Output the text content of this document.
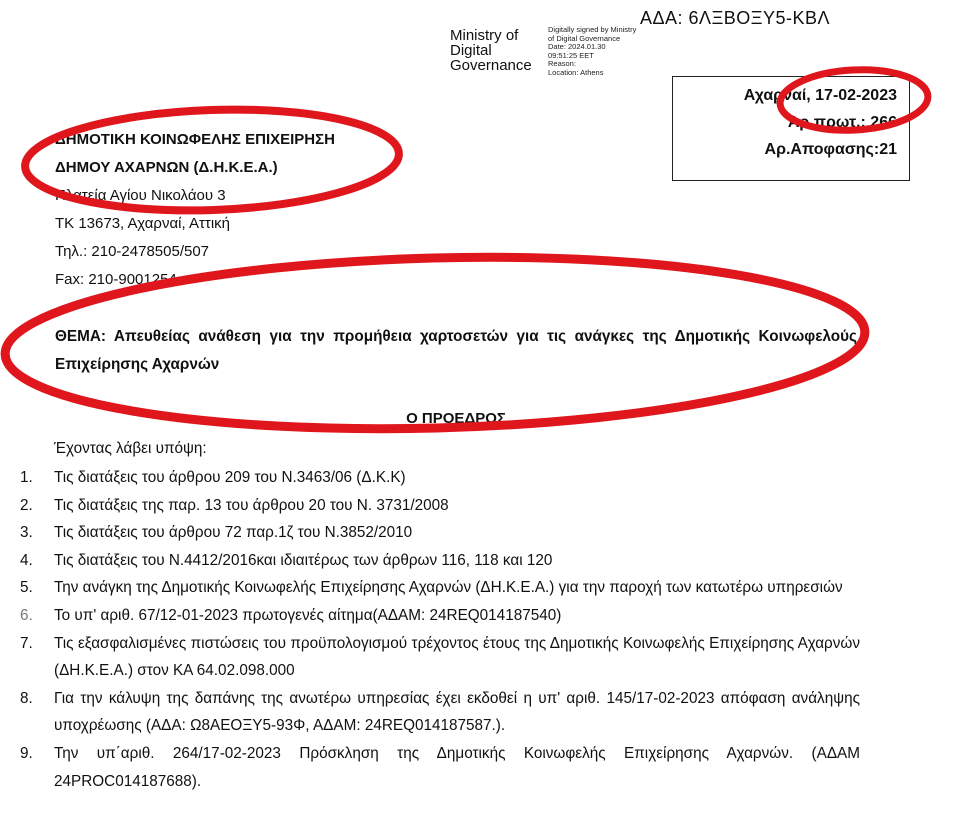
ΑΔΑ: 6ΛΞΒΟΞΥ5-ΚΒΛ
Ministry of
Digital
Governance
Digitally signed by Ministry
of Digital Governance
Date: 2024.01.30
09:51:25 EET
Reason:
Location: Athens
Αχαρναί, 17-02-2023
Αρ.πρωτ.: 266
Αρ.Αποφασης:21
ΔΗΜΟΤΙΚΗ ΚΟΙΝΩΦΕΛΗΣ ΕΠΙΧΕΙΡΗΣΗ
ΔΗΜΟΥ ΑΧΑΡΝΩΝ (Δ.Η.Κ.Ε.Α.)
Πλατεία Αγίου Νικολάου 3
ΤΚ 13673, Αχαρναί, Αττική
Τηλ.: 210-2478505/507
Fax: 210-9001254
ΘΕΜΑ: Απευθείας ανάθεση για την προμήθεια χαρτοσετών για τις ανάγκες της Δημοτικής Κοινωφελούς Επιχείρησης Αχαρνών
Ο ΠΡΟΕΔΡΟΣ
Έχοντας λάβει υπόψη:
1.	Τις διατάξεις του άρθρου 209 του Ν.3463/06 (Δ.Κ.Κ)
2.	Τις διατάξεις της παρ. 13 του άρθρου 20 του Ν. 3731/2008
3.	Τις διατάξεις του άρθρου 72 παρ.1ζ του Ν.3852/2010
4.	Τις διατάξεις του Ν.4412/2016και ιδιαιτέρως των άρθρων 116, 118 και 120
5.	Την ανάγκη της Δημοτικής Κοινωφελής Επιχείρησης Αχαρνών (ΔΗ.Κ.Ε.Α.) για την παροχή των κατωτέρω υπηρεσιών
6.	Το υπ' αριθ. 67/12-01-2023 πρωτογενές αίτημα(ΑΔΑΜ: 24REQ014187540)
7.	Τις εξασφαλισμένες πιστώσεις του προϋπολογισμού τρέχοντος έτους της Δημοτικής Κοινωφελής Επιχείρησης Αχαρνών (ΔΗ.Κ.Ε.Α.) στον ΚΑ 64.02.098.000
8.	Για την κάλυψη της δαπάνης της ανωτέρω υπηρεσίας έχει εκδοθεί η υπ' αριθ. 145/17-02-2023 απόφαση ανάληψης υποχρέωσης (ΑΔΑ: Ω8ΑΕΟΞΥ5-93Φ, ΑΔΑΜ: 24REQ014187587.).
9.	Την υπ΄αριθ. 264/17-02-2023 Πρόσκληση της Δημοτικής Κοινωφελής Επιχείρησης Αχαρνών. (ΑΔΑΜ 24PROC014187688).
